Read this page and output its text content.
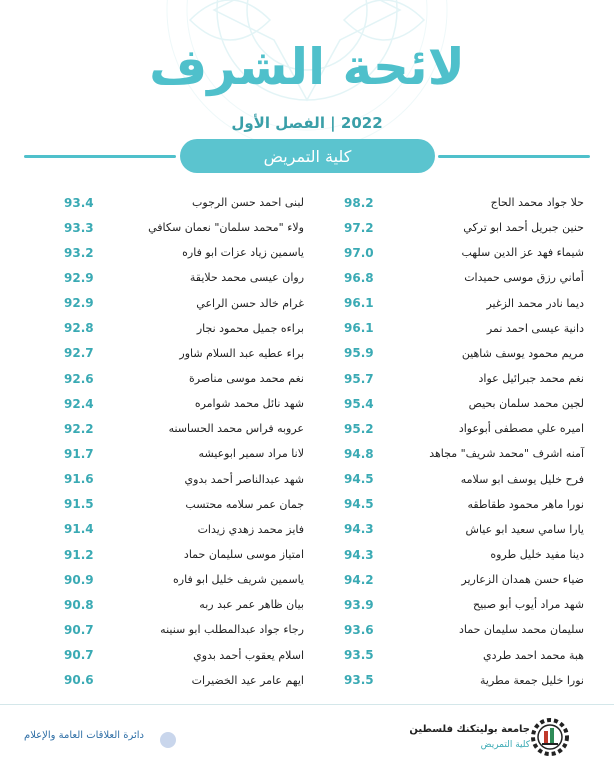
لائحة الشرف
2022 | الفصل الأول
كلية التمريض
98.2	حلا جواد محمد الحاج
97.2	حنين جبريل أحمد ابو تركي
97.0	شيماء فهد عز الدين سلهب
96.8	أماني رزق موسى حميدات
96.1	ديما نادر محمد الزغير
96.1	دانية عيسى احمد نمر
95.9	مريم محمود يوسف شاهين
95.7	نغم محمد جبرائيل عواد
95.4	لجين محمد سلمان بحيص
95.2	اميره علي مصطفى أبوعواد
94.8	آمنه اشرف "محمد شريف" مجاهد
94.5	فرح خليل يوسف ابو سلامه
94.5	نورا ماهر محمود طقاطقه
94.3	يارا سامي سعيد ابو عياش
94.3	دينا مفيد خليل طروه
94.2	ضياء حسن همدان الزعارير
93.9	شهد مراد أيوب أبو صبيح
93.6	سليمان محمد سليمان حماد
93.5	هبة محمد احمد طردي
93.5	نورا خليل جمعة مطرية
93.4	لبنى احمد حسن الرجوب
93.3	ولاء "محمد سلمان" نعمان سكافي
93.2	ياسمين زياد عزات ابو فاره
92.9	روان عيسى محمد حلايقة
92.9	غرام خالد حسن الراعي
92.8	براءه جميل محمود نجار
92.7	براء عطيه عبد السلام شاور
92.6	نغم محمد موسى مناصرة
92.4	شهد نائل محمد شوامره
92.2	عروبه فراس محمد الحساسنه
91.7	لانا مراد سمير ابوعيشه
91.6	شهد عبدالناصر أحمد بدوي
91.5	جمان عمر سلامه محتسب
91.4	فايز محمد زهدي زيدات
91.2	امتياز موسى سليمان حماد
90.9	ياسمين شريف خليل ابو فاره
90.8	بيان ظاهر عمر عبد ربه
90.7	رجاء جواد عبدالمطلب ابو سنينه
90.7	اسلام يعقوب أحمد بدوي
90.6	ايهم عامر عيد الخضيرات
دائرة العلاقات العامة والإعلام
جامعة بوليتكنك فلسطين
كلية التمريض
